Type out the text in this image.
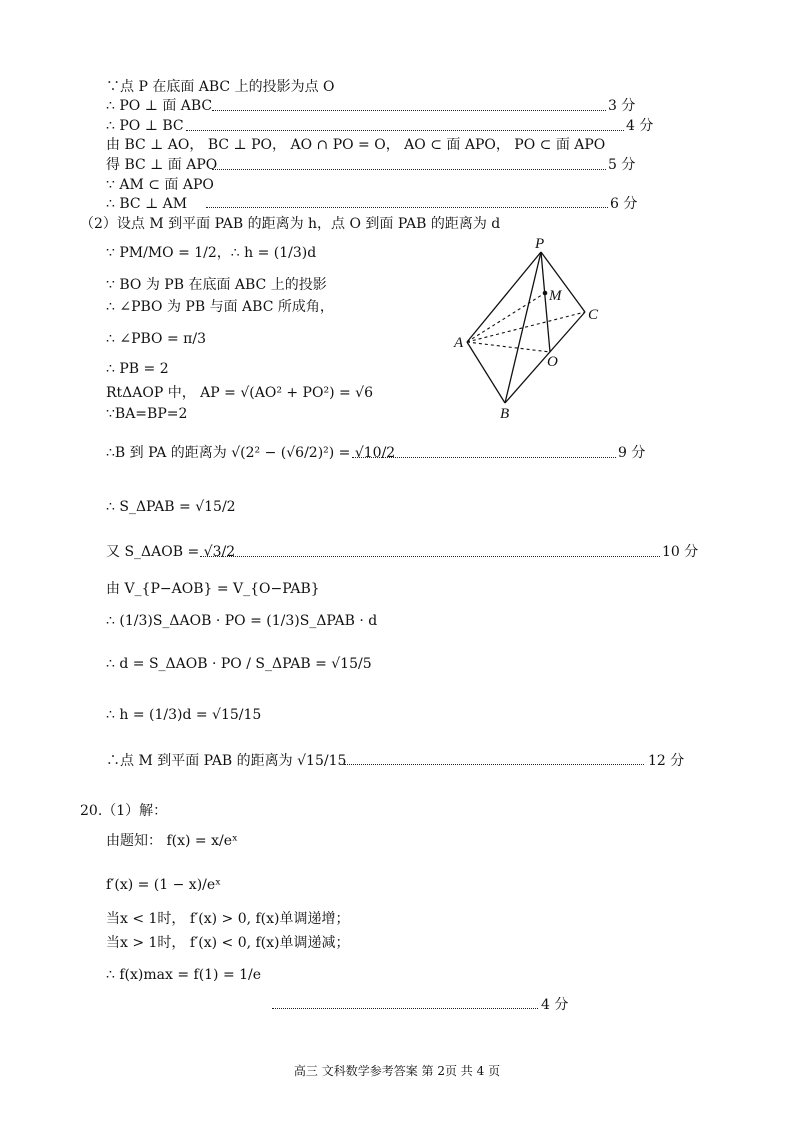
∵点 P 在底面 ABC 上的投影为点 O
∴ PO ⊥ 面 ABC	3 分
∴ PO ⊥ BC	4 分
由 BC ⊥ AO， BC ⊥ PO， AO ∩ PO = O， AO ⊂ 面 APO， PO ⊂ 面 APO
得 BC ⊥ 面 APO	5 分
∵ AM ⊂ 面 APO
∴ BC ⊥ AM	6 分
（2）设点 M 到平面 PAB 的距离为 h，点 O 到面 PAB 的距离为 d
∵ PM/MO = 1/2，∴ h = (1/3)d
∵ BO 为 PB 在底面 ABC 上的投影
∴ ∠PBO 为 PB 与面 ABC 所成角，
∴ ∠PBO = π/3
∴ PB = 2
RtΔAOP 中， AP = √(AO² + PO²) = √6
∵BA=BP=2
∴B 到 PA 的距离为 √(2² − (√6/2)²) = √10/2	9 分
∴ S_ΔPAB = √15/2
又 S_ΔAOB = √3/2	10 分
由 V_{P−AOB} = V_{O−PAB}
∴ (1/3)S_ΔAOB · PO = (1/3)S_ΔPAB · d
∴ d = S_ΔAOB · PO / S_ΔPAB = √15/5
∴ h = (1/3)d = √15/15
∴点 M 到平面 PAB 的距离为 √15/15	12 分
P
M
C
A
O
B
20.（1）解：
由题知： f(x) = x/eˣ
f′(x) = (1 − x)/eˣ
当x < 1时， f′(x) > 0, f(x)单调递增；
当x > 1时， f′(x) < 0, f(x)单调递减；
∴ f(x)max = f(1) = 1/e
4 分
高三 文科数学参考答案 第 2页 共 4 页
